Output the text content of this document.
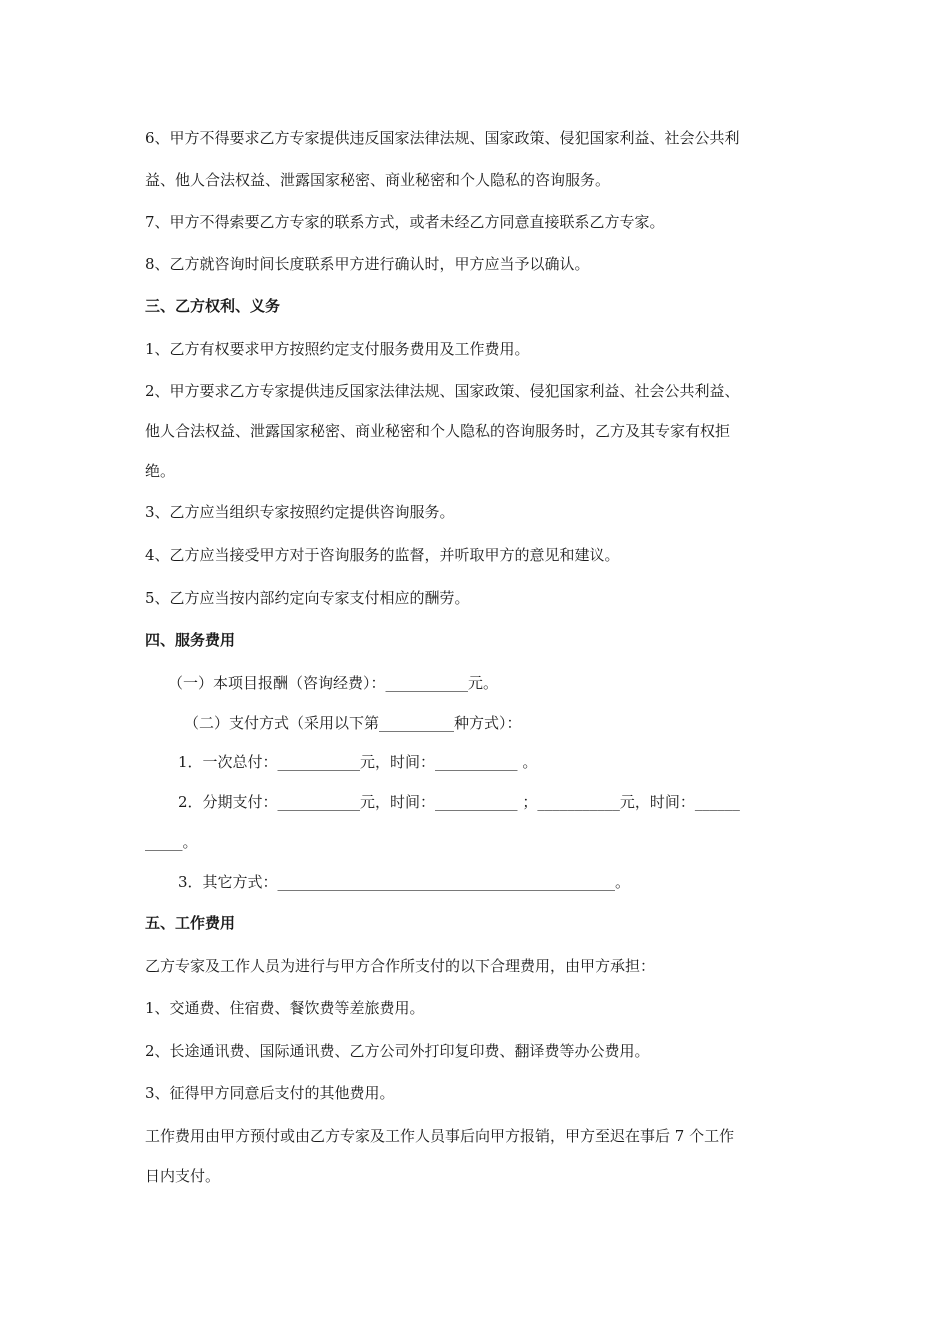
6、甲方不得要求乙方专家提供违反国家法律法规、国家政策、侵犯国家利益、社会公共利

益、他人合法权益、泄露国家秘密、商业秘密和个人隐私的咨询服务。

7、甲方不得索要乙方专家的联系方式，或者未经乙方同意直接联系乙方专家。

8、乙方就咨询时间长度联系甲方进行确认时，甲方应当予以确认。

三、乙方权利、义务

1、乙方有权要求甲方按照约定支付服务费用及工作费用。

2、甲方要求乙方专家提供违反国家法律法规、国家政策、侵犯国家利益、社会公共利益、

他人合法权益、泄露国家秘密、商业秘密和个人隐私的咨询服务时，乙方及其专家有权拒

绝。

3、乙方应当组织专家按照约定提供咨询服务。

4、乙方应当接受甲方对于咨询服务的监督，并听取甲方的意见和建议。

5、乙方应当按内部约定向专家支付相应的酬劳。

四、服务费用

（一）本项目报酬（咨询经费）：___________元。

（二）支付方式（采用以下第__________种方式）：

1．一次总付：___________元，时间：___________ 。

2．分期支付：___________元，时间：___________ ；___________元，时间：______

_____。

3．其它方式：_____________________________________________。

五、工作费用

乙方专家及工作人员为进行与甲方合作所支付的以下合理费用，由甲方承担：

1、交通费、住宿费、餐饮费等差旅费用。

2、长途通讯费、国际通讯费、乙方公司外打印复印费、翻译费等办公费用。

3、征得甲方同意后支付的其他费用。

工作费用由甲方预付或由乙方专家及工作人员事后向甲方报销，甲方至迟在事后 7 个工作

日内支付。
